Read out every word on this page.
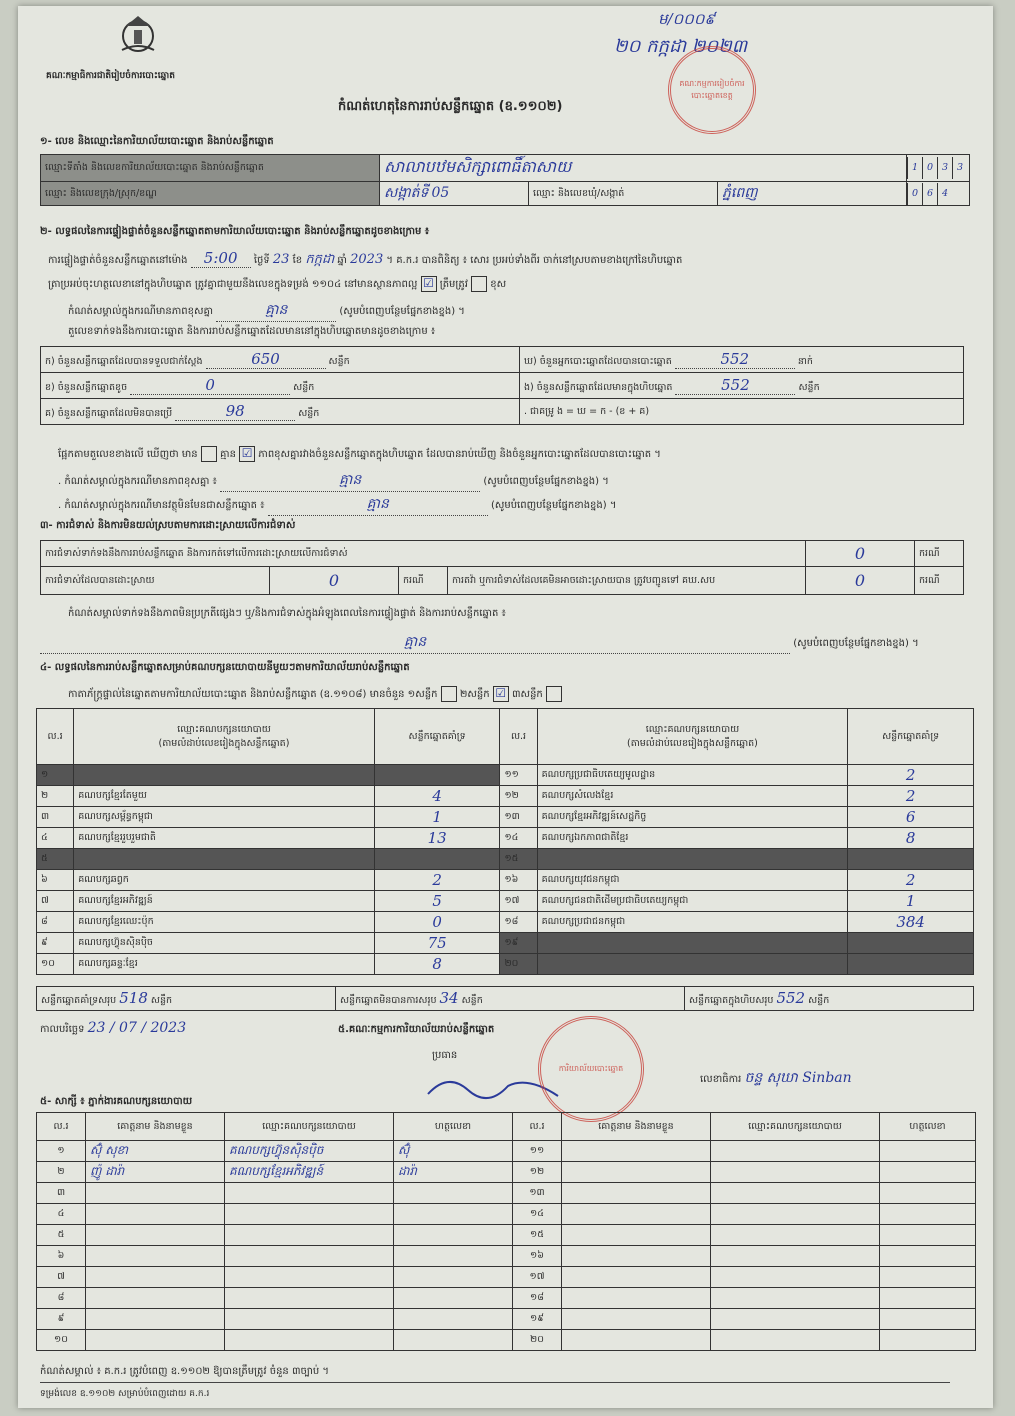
គណៈកម្មាធិការជាតិរៀបចំការបោះឆ្នោត
កំណត់ហេតុនៃការរាប់សន្លឹកឆ្នោត (ឧ.១១០២)
២០ កក្កដា ២០២៣
ម/០០០៩
គណៈកម្មការរៀបចំការបោះឆ្នោតខេត្ត
១- លេខ និងឈ្មោះនៃការិយាល័យបោះឆ្នោត និងរាប់សន្លឹកឆ្នោត
ឈ្មោះទីតាំង និងលេខការិយាល័យបោះឆ្នោត និងរាប់សន្លឹកឆ្នោត	សាលាបឋមសិក្សាពោធិ៍តាសាយ			1 0 3 3
ឈ្មោះ និងលេខក្រុង/ស្រុក/ខណ្ឌ	សង្កាត់ទី 05	ឈ្មោះ និងលេខឃុំ/សង្កាត់	ភ្នំពេញ	0 6 4
២- លទ្ធផលនៃការផ្ទៀងផ្ទាត់ចំនួនសន្លឹកឆ្នោតតាមការិយាល័យបោះឆ្នោត និងរាប់សន្លឹកឆ្នោតដូចខាងក្រោម ៖
ការផ្ទៀងផ្ទាត់ចំនួនសន្លឹកឆ្នោតនៅម៉ោង 5:00 ថ្ងៃទី 23 ខែ កក្កដា ឆ្នាំ 2023 ។ គ.ក.រ បានពិនិត្យ ៖ សោរ ប្រអប់ទាំងពីរ ចាក់នៅស្របតាមខាងក្រៅនៃហិបឆ្នោត
ត្រាប្រអប់ចុះហត្ថលេខានៅក្នុងហិបឆ្នោត ត្រូវគ្នាជាមួយនឹងលេខក្នុងទម្រង់ ១១០៤ នៅមានស្ថានភាពល្អ ☑ ត្រឹមត្រូវ ខុស
កំណត់សម្គាល់ក្នុងករណីមានភាពខុសគ្នា	គ្មាន	(សូមបំពេញបន្ថែមផ្នែកខាងខ្នង) ។
តួលេខទាក់ទងនឹងការបោះឆ្នោត និងការរាប់សន្លឹកឆ្នោតដែលមាននៅក្នុងហិបឆ្នោតមានដូចខាងក្រោម ៖
ក) ចំនួនសន្លឹកឆ្នោតដែលបានទទួលជាក់ស្តែង 650 សន្លឹក	ឃ) ចំនួនអ្នកបោះឆ្នោតដែលបានបោះឆ្នោត 552 នាក់
ខ) ចំនួនសន្លឹកឆ្នោតខូច 0 សន្លឹក	ង) ចំនួនសន្លឹកឆ្នោតដែលមានក្នុងហិបឆ្នោត 552 សន្លឹក
គ) ចំនួនសន្លឹកឆ្នោតដែលមិនបានប្រើ 98 សន្លឹក	. ជាគម្រូ ង = ឃ = ក - (ខ + គ)
ផ្អែកតាមតួលេខខាងលើ ឃើញថា មាន គ្មាន ☑ ភាពខុសគ្នារវាងចំនួនសន្លឹកឆ្នោតក្នុងហិបឆ្នោត ដែលបានរាប់ឃើញ និងចំនួនអ្នកបោះឆ្នោតដែលបានបោះឆ្នោត ។
. កំណត់សម្គាល់ក្នុងករណីមានភាពខុសគ្នា ៖	គ្មាន	(សូមបំពេញបន្ថែមផ្នែកខាងខ្នង) ។
. កំណត់សម្គាល់ក្នុងករណីមានវត្ថុមិនមែនជាសន្លឹកឆ្នោត ៖	គ្មាន	(សូមបំពេញបន្ថែមផ្នែកខាងខ្នង) ។
៣- ការជំទាស់ និងការមិនយល់ស្របតាមការដោះស្រាយលើការជំទាស់
ការជំទាស់ទាក់ទងនឹងការរាប់សន្លឹកឆ្នោត និងការកត់ទៅលើការដោះស្រាយលើការជំទាស់				0	ករណី
ការជំទាស់ដែលបានដោះស្រាយ	0	ករណី	ការតវ៉ា ឬការជំទាស់ដែលគេមិនអាចដោះស្រាយបាន ត្រូវបញ្ជូនទៅ គឃ.សប	0	ករណី
កំណត់សម្គាល់ទាក់ទងនឹងភាពមិនប្រក្រតីផ្សេងៗ ឬ/និងការជំទាស់ក្នុងអំឡុងពេលនៃការផ្ទៀងផ្ទាត់ និងការរាប់សន្លឹកឆ្នោត ៖
គ្មាន	(សូមបំពេញបន្ថែមផ្នែកខាងខ្នង) ។
៤- លទ្ធផលនៃការរាប់សន្លឹកឆ្នោតសម្រាប់គណបក្សនយោបាយនីមួយៗតាមការិយាល័យរាប់សន្លឹកឆ្នោត
កាតាភ័ក្ត្រផ្ទាល់នៃឆ្នោតតាមការិយាល័យបោះឆ្នោត និងរាប់សន្លឹកឆ្នោត (ឧ.១១០៨) មានចំនួន ១សន្លឹក ២សន្លឹក ☑ ៣សន្លឹក
ល.រ	ឈ្មោះគណបក្សនយោបាយ
(តាមលំដាប់លេខរៀងក្នុងសន្លឹកឆ្នោត)	សន្លឹកឆ្នោតគាំទ្រ	ល.រ	ឈ្មោះគណបក្សនយោបាយ
(តាមលំដាប់លេខរៀងក្នុងសន្លឹកឆ្នោត)	សន្លឹកឆ្នោតគាំទ្រ
១			១១	គណបក្សប្រជាធិបតេយ្យមូលដ្ឋាន	2
២	គណបក្សខ្មែរតែមួយ	4	១២	គណបក្សសំលេងខ្មែរ	2
៣	គណបក្សសម្ព័ន្ធកម្ពុជា	1	១៣	គណបក្សខ្មែរអភិវឌ្ឍន៍សេដ្ឋកិច្ច	6
៤	គណបក្សខ្មែររួបរួមជាតិ	13	១៤	គណបក្សឯកភាពជាតិខ្មែរ	8
៥			១៥		
៦	គណបក្សឆព្វក	2	១៦	គណបក្សយុវជនកម្ពុជា	2
៧	គណបក្សខ្មែរអភិវឌ្ឍន៍	5	១៧	គណបក្សជនជាតិដើមប្រជាធិបតេយ្យកម្ពុជា	1
៨	គណបក្សខ្មែរឈេះប៉ុក	0	១៨	គណបក្សប្រជាជនកម្ពុជា	384
៩	គណបក្សហ៊្វុនស៊ិនប៉ិច	75	១៩		
១០	គណបក្សឆន្ទៈខ្មែរ	8	២០		
សន្លឹកឆ្នោតគាំទ្រសរុប 518 សន្លឹក	សន្លឹកឆ្នោតមិនបានការសរុប 34 សន្លឹក	សន្លឹកឆ្នោតក្នុងហិបសរុប 552 សន្លឹក
កាលបរិច្ឆេទ 23 / 07 / 2023	៥.គណៈកម្មការការិយាល័យរាប់សន្លឹកឆ្នោត
ប្រធាន
ការិយាល័យបោះឆ្នោត
លេខាធិការ ចន្ទ សុឃា Sinban
៥- សាក្សី ៖ ភ្នាក់ងារគណបក្សនយោបាយ
ល.រ	គោត្តនាម និងនាមខ្លួន	ឈ្មោះគណបក្សនយោបាយ	ហត្ថលេខា	ល.រ	គោត្តនាម និងនាមខ្លួន	ឈ្មោះគណបក្សនយោបាយ	ហត្ថលេខា
១	ស៊ុំ សុខា	គណបក្សហ៊្វុនស៊ិនប៉ិច	ស៊ុំ	១១			
២	ញ៉ូ ដារ៉ា	គណបក្សខ្មែរអភិវឌ្ឍន៍	ដារ៉ា	១២			
៣				១៣			
៤				១៤			
៥				១៥			
៦				១៦			
៧				១៧			
៨				១៨			
៩				១៩			
១០				២០			
កំណត់សម្គាល់ ៖ គ.ក.រ ត្រូវបំពេញ ឧ.១១០២ ឱ្យបានត្រឹមត្រូវ ចំនួន ៣ច្បាប់ ។
ទម្រង់លេខ ឧ.១១០២ សម្រាប់បំពេញដោយ គ.ក.រ
